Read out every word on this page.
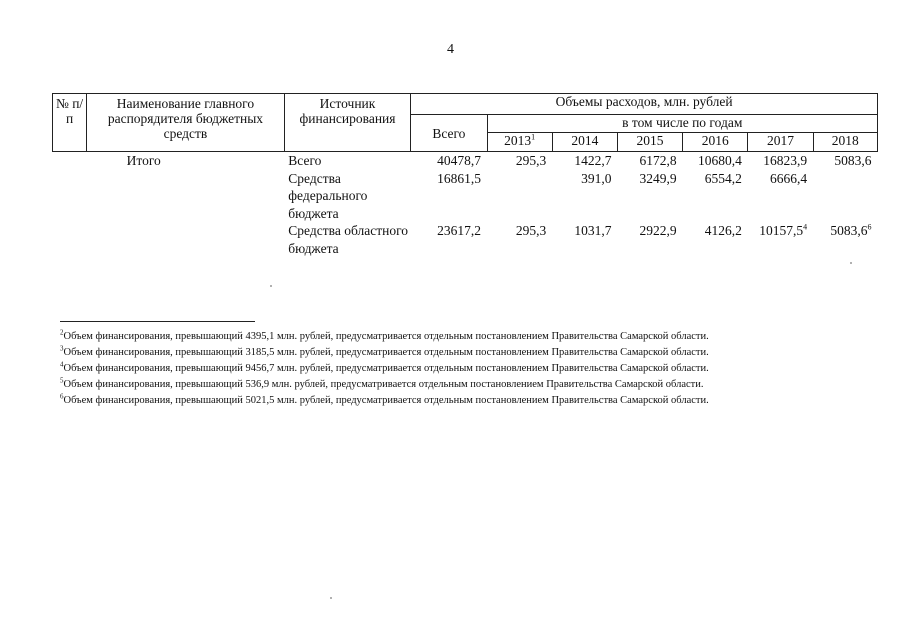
4
№ п/п	Наименование главного распорядителя бюджетных средств	Источник финансирования	Объемы расходов, млн. рублей						
			Всего	в том числе по годам					
				2013$^1$	2014	2015	2016	2017	2018
	Итого	Всего	40478,7	295,3	1422,7	6172,8	10680,4	16823,9	5083,6
		Средства федерального бюджета	16861,5		391,0	3249,9	6554,2	6666,4	
		Средства областного бюджета	23617,2	295,3	1031,7	2922,9	4126,2	10157,5$^4$	5083,6$^6$
$^2$Объем финансирования, превышающий 4395,1 млн. рублей, предусматривается отдельным постановлением Правительства Самарской области.
$^3$Объем финансирования, превышающий 3185,5 млн. рублей, предусматривается отдельным постановлением Правительства Самарской области.
$^4$Объем финансирования, превышающий 9456,7 млн. рублей, предусматривается отдельным постановлением Правительства Самарской области.
$^5$Объем финансирования, превышающий 536,9 млн. рублей, предусматривается отдельным постановлением Правительства Самарской области.
$^6$Объем финансирования, превышающий 5021,5 млн. рублей, предусматривается отдельным постановлением Правительства Самарской области.
